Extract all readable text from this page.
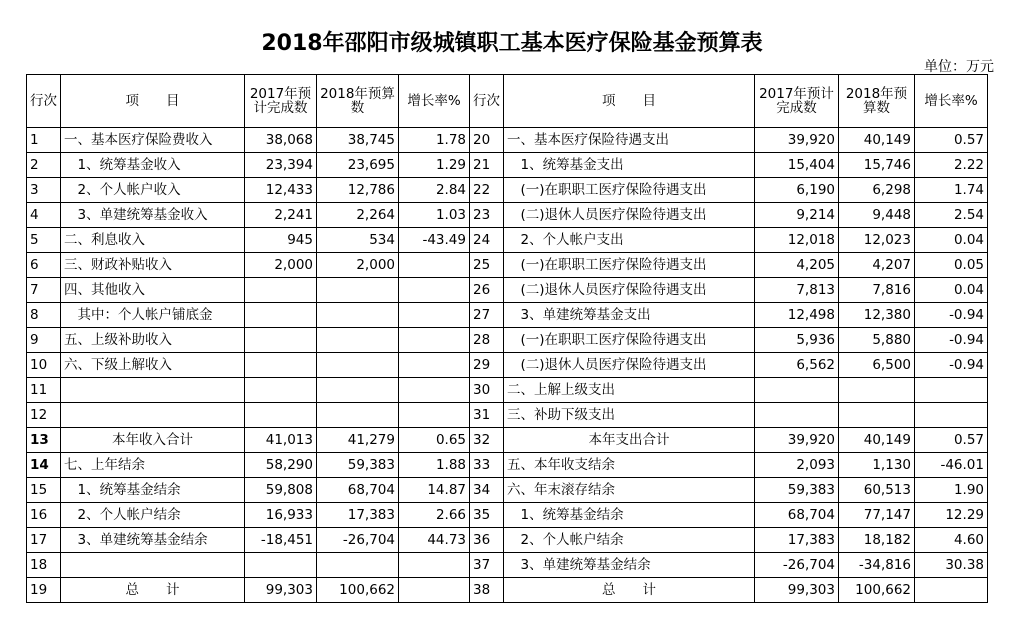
2018年邵阳市级城镇职工基本医疗保险基金预算表
单位：万元
行次	项　　目	2017年预计完成数	2018年预算数	增长率%	行次	项　　目	2017年预计完成数	2018年预算数	增长率%
1	一、基本医疗保险费收入	38,068	38,745	1.78	20	一、基本医疗保险待遇支出	39,920	40,149	0.57
2	　1、统筹基金收入	23,394	23,695	1.29	21	　1、统筹基金支出	15,404	15,746	2.22
3	　2、个人帐户收入	12,433	12,786	2.84	22	　(一)在职职工医疗保险待遇支出	6,190	6,298	1.74
4	　3、单建统筹基金收入	2,241	2,264	1.03	23	　(二)退休人员医疗保险待遇支出	9,214	9,448	2.54
5	二、利息收入	945	534	-43.49	24	　2、个人帐户支出	12,018	12,023	0.04
6	三、财政补贴收入	2,000	2,000		25	　(一)在职职工医疗保险待遇支出	4,205	4,207	0.05
7	四、其他收入				26	　(二)退休人员医疗保险待遇支出	7,813	7,816	0.04
8	　其中：个人帐户铺底金				27	　3、单建统筹基金支出	12,498	12,380	-0.94
9	五、上级补助收入				28	　(一)在职职工医疗保险待遇支出	5,936	5,880	-0.94
10	六、下级上解收入				29	　(二)退休人员医疗保险待遇支出	6,562	6,500	-0.94
11					30	二、上解上级支出			
12					31	三、补助下级支出			
13	本年收入合计	41,013	41,279	0.65	32	本年支出合计	39,920	40,149	0.57
14	七、上年结余	58,290	59,383	1.88	33	五、本年收支结余	2,093	1,130	-46.01
15	　1、统筹基金结余	59,808	68,704	14.87	34	六、年末滚存结余	59,383	60,513	1.90
16	　2、个人帐户结余	16,933	17,383	2.66	35	　1、统筹基金结余	68,704	77,147	12.29
17	　3、单建统筹基金结余	-18,451	-26,704	44.73	36	　2、个人帐户结余	17,383	18,182	4.60
18					37	　3、单建统筹基金结余	-26,704	-34,816	30.38
19	总　　计	99,303	100,662		38	总　　计	99,303	100,662	
